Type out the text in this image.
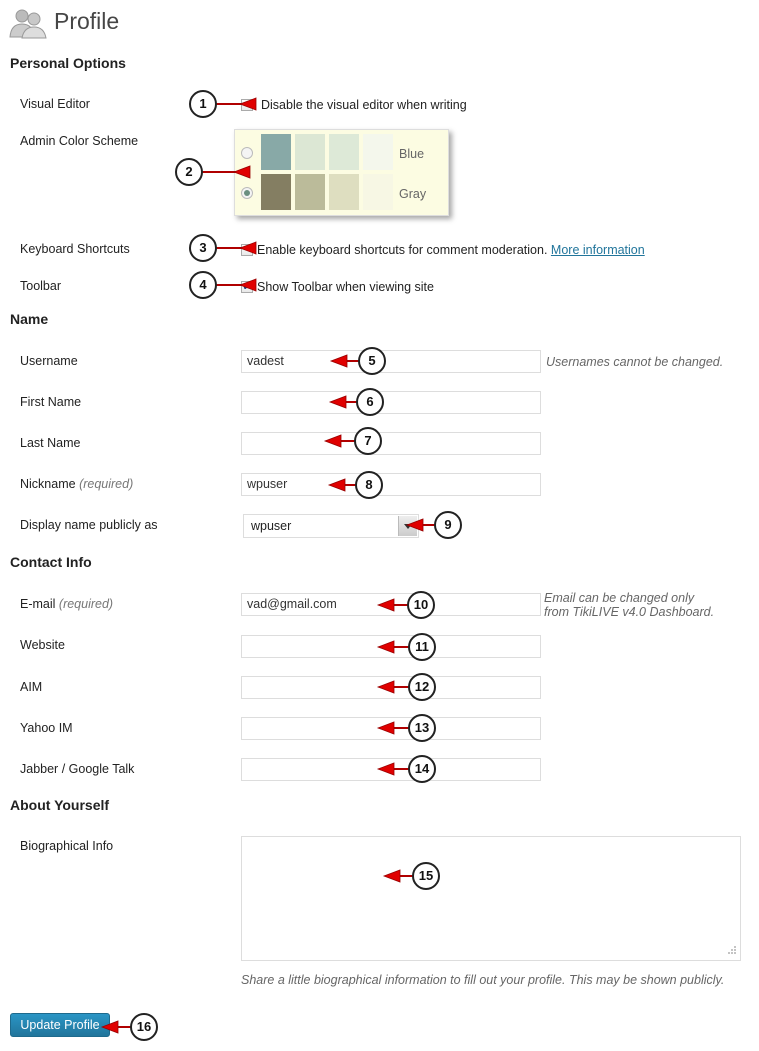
Profile
Personal Options
Visual Editor	Disable the visual editor when writing
Admin Color Scheme
Blue
Gray
Keyboard Shortcuts	Enable keyboard shortcuts for comment moderation. More information
Toolbar
✓	Show Toolbar when viewing site
Name
Username	vadest	Usernames cannot be changed.
First Name
Last Name
Nickname (required)	wpuser
Display name publicly as	wpuser
Contact Info
E-mail (required)	vad@gmail.com	Email can be changed only
from TikiLIVE v4.0 Dashboard.
Website
AIM
Yahoo IM
Jabber / Google Talk
About Yourself
Biographical Info
Share a little biographical information to fill out your profile. This may be shown publicly.
Update Profile
1
2
3
4
5
6
7
8
9
10
11
12
13
14
15
16
